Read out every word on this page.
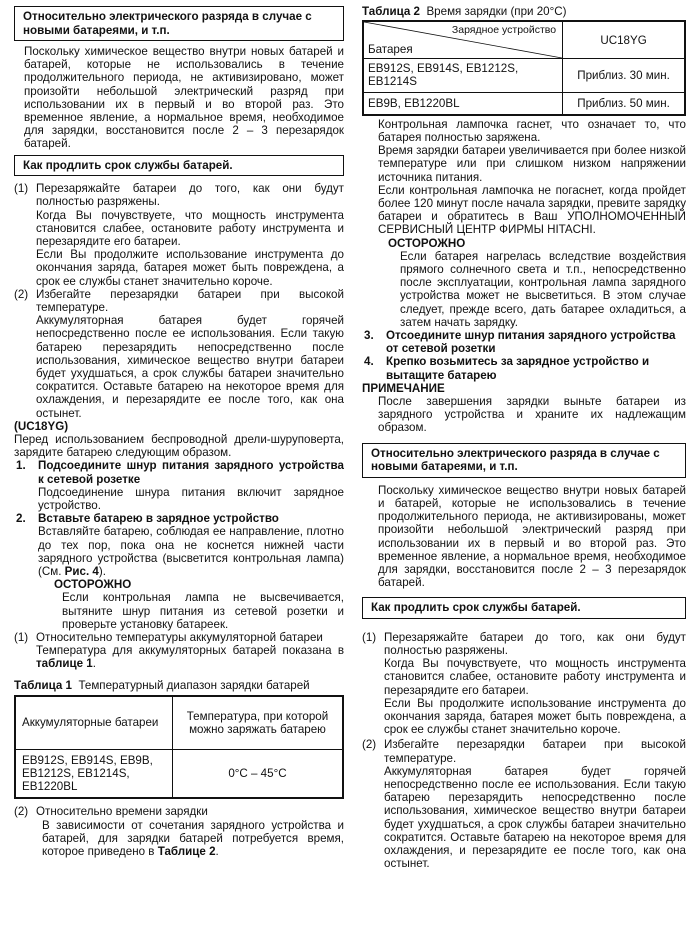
Относительно электрического разряда в случае с новыми батареями, и т.п.

Поскольку химическое вещество внутри новых батарей и батарей, которые не использовались в течение продолжительного периода, не активизировано, может произойти небольшой электрический разряд при использовании их в первый и во второй раз. Это временное явление, а нормальное время, необходимое для зарядки, восстановится после 2 – 3 перезарядок батарей.

Как продлить срок службы батарей.
(1) Перезаряжайте батареи до того, как они будут полностью разряжены.

Когда Вы почувствуете, что мощность инструмента становится слабее, остановите работу инструмента и перезарядите его батареи.

Если Вы продолжите использование инструмента до окончания заряда, батарея может быть повреждена, а срок ее службы станет значительно короче.

(2) Избегайте перезарядки батареи при высокой температуре.

Аккумуляторная батарея будет горячей непосредственно после ее использования. Если такую батарею перезарядить непосредственно после использования, химическое вещество внутри батареи будет ухудшаться, а срок службы батареи значительно сократится. Оставьте батарею на некоторое время для охлаждения, и перезарядите ее после того, как она остынет.

(UC18YG)

Перед использованием беспроводной дрели-шуруповерта, зарядите батарею следующим образом.

1.	Подсоедините шнур питания зарядного устройства к сетевой розетке

Подсоединение шнура питания включит зарядное устройство.

2.	Вставьте батарею в зарядное устройство

Вставляйте батарею, соблюдая ее направление, плотно до тех пор, пока она не коснется нижней части зарядного устройства (высветится контрольная лампа) (См. Рис. 4).

ОСТОРОЖНО

Если контрольная лампа не высвечивается, вытяните шнур питания из сетевой розетки и проверьте установку батареек.

(1) Относительно температуры аккумуляторной батареи

Температура для аккумуляторных батарей показана в таблице 1.

Таблица 1 Температурный диапазон зарядки батарей

Аккумуляторные батареи	Температура, при которой можно заряжать батарею
EB912S, EB914S, EB9B, EB1212S, EB1214S, EB1220BL	0°C – 45°C
(2) Относительно времени зарядки

В зависимости от сочетания зарядного устройства и батарей, для зарядки батарей потребуется время, которое приведено в Таблице 2.

Таблица 2 Время зарядки (при 20°C)

Зарядное устройство
Батарея	UC18YG
EB912S, EB914S, EB1212S, EB1214S	Приблиз. 30 мин.
EB9B, EB1220BL	Приблиз. 50 мин.

Контрольная лампочка гаснет, что означает то, что батарея полностью заряжена.

Время зарядки батареи увеличивается при более низкой температуре или при слишком низком напряжении источника питания.

Если контрольная лампочка не погаснет, когда пройдет более 120 минут после начала зарядки, превите зарядку батареи и обратитесь в Ваш УПОЛНОМОЧЕННЫЙ СЕРВИСНЫЙ ЦЕНТР ФИРМЫ HITACHI.

ОСТОРОЖНО

Если батарея нагрелась вследствие воздействия прямого солнечного света и т.п., непосредственно после эксплуатации, контрольная лампа зарядного устройства может не высветиться. В этом случае следует, прежде всего, дать батарее охладиться, а затем начать зарядку.

3.	Отсоедините шнур питания зарядного устройства от сетевой розетки

4.	Крепко возьмитесь за зарядное устройство и вытащите батарею

ПРИМЕЧАНИЕ

После завершения зарядки выньте батареи из зарядного устройства и храните их надлежащим образом.

Относительно электрического разряда в случае с новыми батареями, и т.п.

Поскольку химическое вещество внутри новых батарей и батарей, которые не использовались в течение продолжительного периода, не активизированы, может произойти небольшой электрический разряд при использовании их в первый и во второй раз. Это временное явление, а нормальное время, необходимое для зарядки, восстановится после 2 – 3 перезарядок батарей.

Как продлить срок службы батарей.
(1) Перезаряжайте батареи до того, как они будут полностью разряжены.

Когда Вы почувствуете, что мощность инструмента становится слабее, остановите работу инструмента и перезарядите его батареи.

Если Вы продолжите использование инструмента до окончания заряда, батарея может быть повреждена, а срок ее службы станет значительно короче.

(2) Избегайте перезарядки батареи при высокой температуре.

Аккумуляторная батарея будет горячей непосредственно после ее использования. Если такую батарею перезарядить непосредственно после использования, химическое вещество внутри батареи будет ухудшаться, а срок службы батареи значительно сократится. Оставьте батарею на некоторое время для охлаждения, и перезарядите ее после того, как она остынет.
